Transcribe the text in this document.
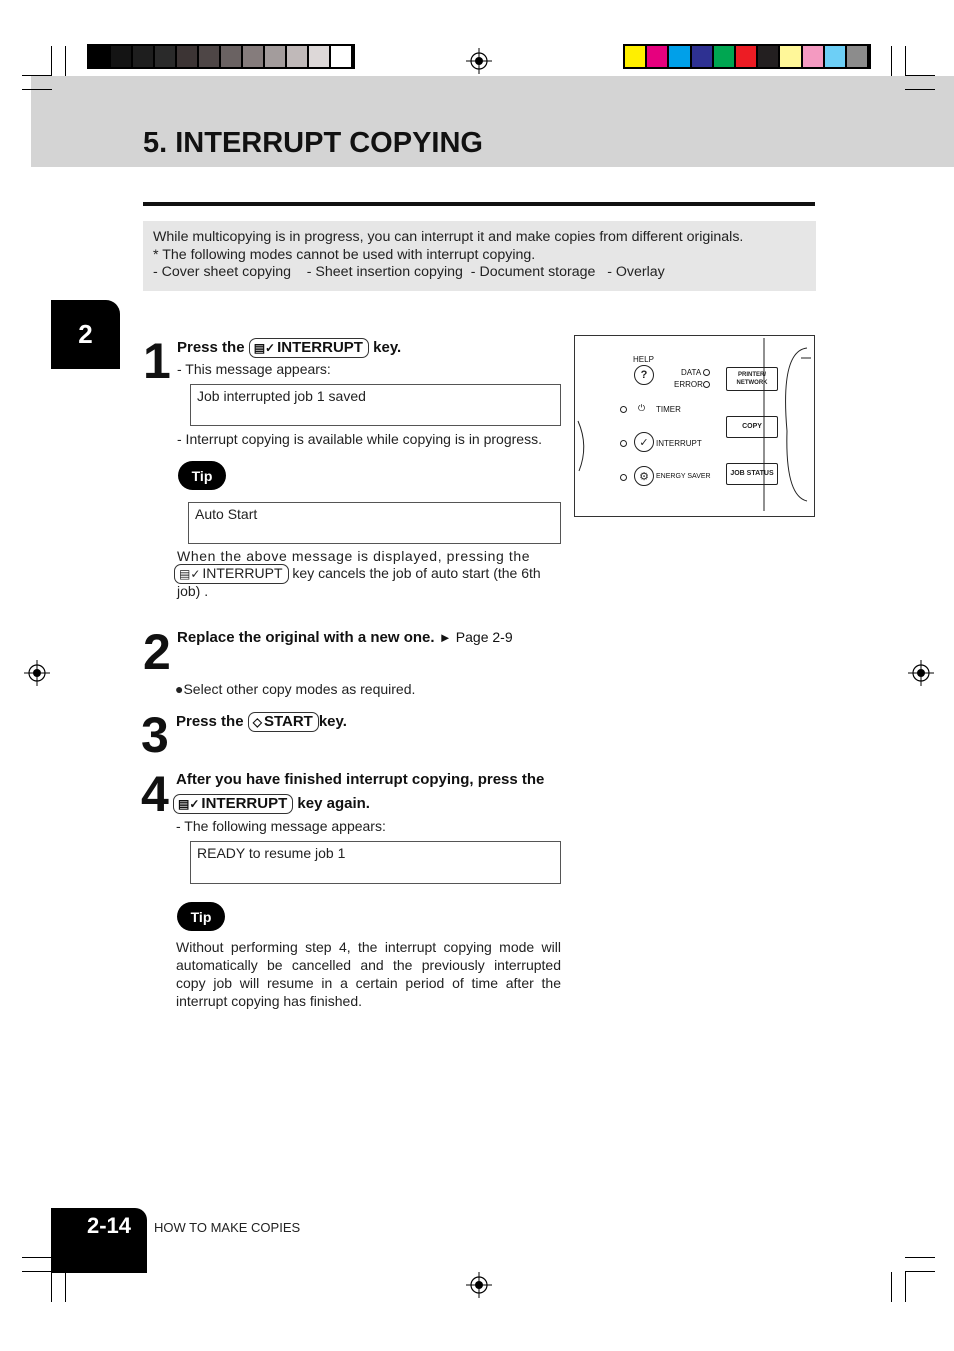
5. INTERRUPT COPYING
While multicopying is in progress, you can interrupt it and make copies from different originals.
* The following modes cannot be used with interrupt copying.
- Cover sheet copying    - Sheet insertion copying  - Document storage   - Overlay
2	1 Press the ▤✓ INTERRUPT key.
- This message appears:
Job interrupted job 1 saved
- Interrupt copying is available while copying is in progress.
Tip
Auto Start
When the above message is displayed, pressing the
▤✓ INTERRUPT key cancels the job of auto start (the 6th
job) .
HELP
?	DATA
ERROR
PRINTER/ NETWORK
⏻ TIMER
✓ INTERRUPT
COPY
⚙	ENERGY SAVER	JOB STATUS
2 Replace the original with a new one. ► Page 2-9
●Select other copy modes as required.
3 Press the ◇ START key.
4 After you have finished interrupt copying, press the
▤✓ INTERRUPT key again.
- The following message appears:
READY to resume job 1
Tip
Without performing step 4, the interrupt copying mode will automatically be cancelled and the previously interrupted copy job will resume in a certain period of time after the interrupt copying has finished.
2-14 HOW TO MAKE COPIES
